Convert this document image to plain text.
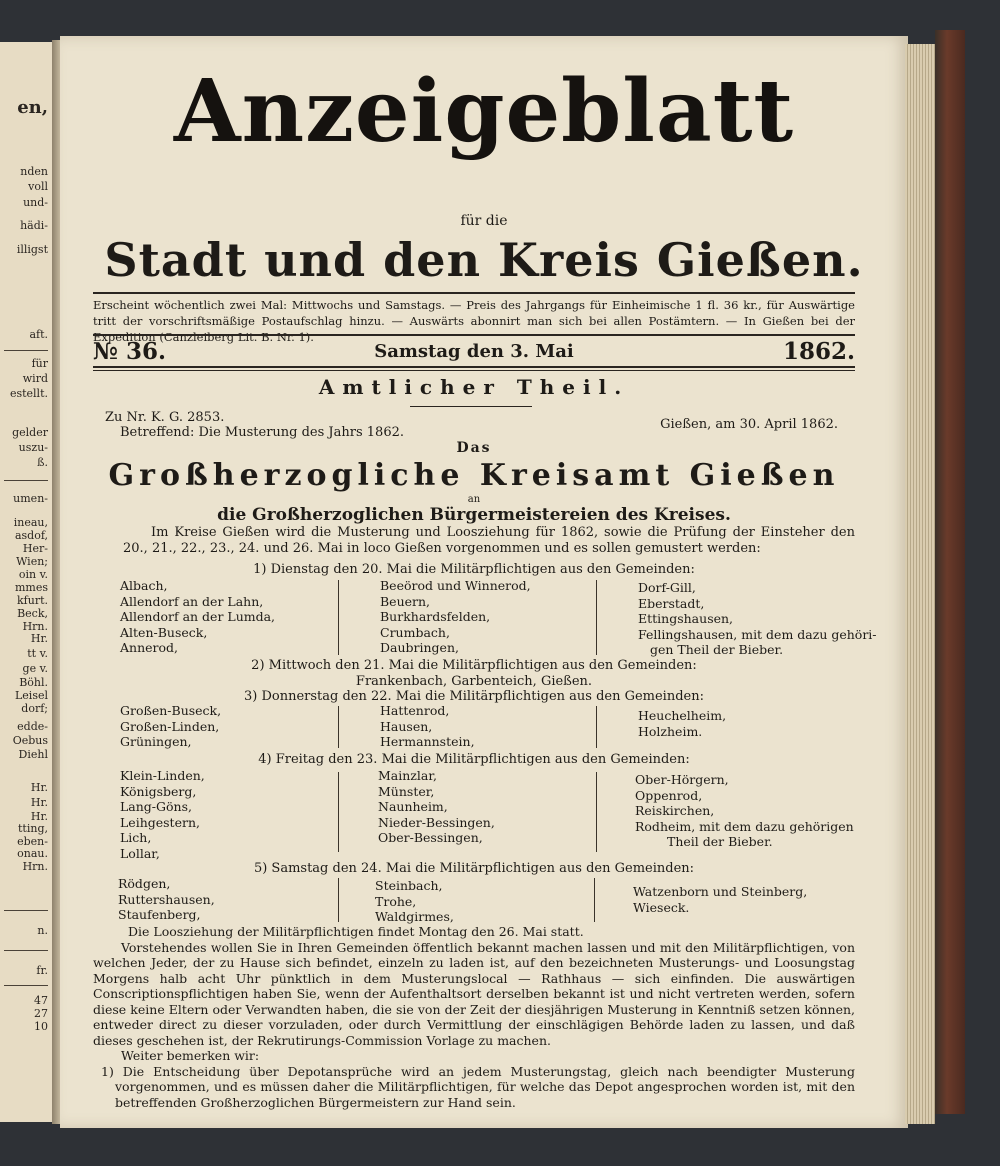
en,
nden
voll
und-
hädi-
illigst
aft.
für
wird
estellt.
gelder
uszu-
ß.
umen-
ineau,
asdof,
Her-
Wien;
oin v.
mmes
kfurt.
Beck,
Hrn.
Hr.
tt v.
ge v.
Böhl.
Leisel
dorf;
edde-
Oebus
Diehl
Hr.
Hr.
Hr.
tting,
eben-
onau.
Hrn.
n.
fr.
47
27
10
Anzeigeblatt
für die
Stadt und den Kreis Gießen.
Erscheint wöchentlich zwei Mal: Mittwochs und Samstags. — Preis des Jahrgangs für Einheimische 1 fl. 36 kr., für Auswärtige tritt der vorschriftsmäßige Postaufschlag hinzu. — Auswärts abonnirt man sich bei allen Postämtern. — In Gießen bei der Expedition (Canzleiberg Lit. B. Nr. 1).
Samstag den 3. Mai
№ 36.	1862.
Amtlicher Theil.
Zu Nr. K. G. 2853.
Betreffend: Die Musterung des Jahrs 1862.
Gießen, am 30. April 1862.
Das
Großherzogliche Kreisamt Gießen
an
die Großherzoglichen Bürgermeistereien des Kreises.
Im Kreise Gießen wird die Musterung und Loosziehung für 1862, sowie die Prüfung der Einsteher den 20., 21., 22., 23., 24. und 26. Mai in loco Gießen vorgenommen und es sollen gemustert werden:
1) Dienstag den 20. Mai die Militärpflichtigen aus den Gemeinden:
Albach,
Allendorf an der Lahn,
Allendorf an der Lumda,
Alten-Buseck,
Annerod,
Beeörod und Winnerod,
Beuern,
Burkhardsfelden,
Crumbach,
Daubringen,
Dorf-Gill,
Eberstadt,
Ettingshausen,
Fellingshausen, mit dem dazu gehöri-
gen Theil der Bieber.
2) Mittwoch den 21. Mai die Militärpflichtigen aus den Gemeinden:
Frankenbach, Garbenteich, Gießen.
3) Donnerstag den 22. Mai die Militärpflichtigen aus den Gemeinden:
Großen-Buseck,
Großen-Linden,
Grüningen,
Hattenrod,
Hausen,
Hermannstein,
Heuchelheim,
Holzheim.
4) Freitag den 23. Mai die Militärpflichtigen aus den Gemeinden:
Klein-Linden,
Königsberg,
Lang-Göns,
Leihgestern,
Lich,
Lollar,
Mainzlar,
Münster,
Naunheim,
Nieder-Bessingen,
Ober-Bessingen,
Ober-Hörgern,
Oppenrod,
Reiskirchen,
Rodheim, mit dem dazu gehörigen
Theil der Bieber.
5) Samstag den 24. Mai die Militärpflichtigen aus den Gemeinden:
Rödgen,
Ruttershausen,
Staufenberg,
Steinbach,
Trohe,
Waldgirmes,
Watzenborn und Steinberg,
Wieseck.

Die Loosziehung der Militärpflichtigen findet Montag den 26. Mai statt.

Vorstehendes wollen Sie in Ihren Gemeinden öffentlich bekannt machen lassen und mit den Militärpflichtigen, von welchen Jeder, der zu Hause sich befindet, einzeln zu laden ist, auf den bezeichneten Musterungs- und Loosungstag Morgens halb acht Uhr pünktlich in dem Musterungslocal — Rathhaus — sich einfinden. Die auswärtigen Conscriptionspflichtigen haben Sie, wenn der Aufenthaltsort derselben bekannt ist und nicht vertreten werden, sofern diese keine Eltern oder Verwandten haben, die sie von der Zeit der diesjährigen Musterung in Kenntniß setzen können, entweder direct zu dieser vorzuladen, oder durch Vermittlung der einschlägigen Behörde laden zu lassen, und daß dieses geschehen ist, der Rekrutirungs-Commission Vorlage zu machen.

Weiter bemerken wir:

1) Die Entscheidung über Depotansprüche wird an jedem Musterungstag, gleich nach beendigter Musterung vorgenommen, und es müssen daher die Militärpflichtigen, für welche das Depot angesprochen worden ist, mit den betreffenden Großherzoglichen Bürgermeistern zur Hand sein.
